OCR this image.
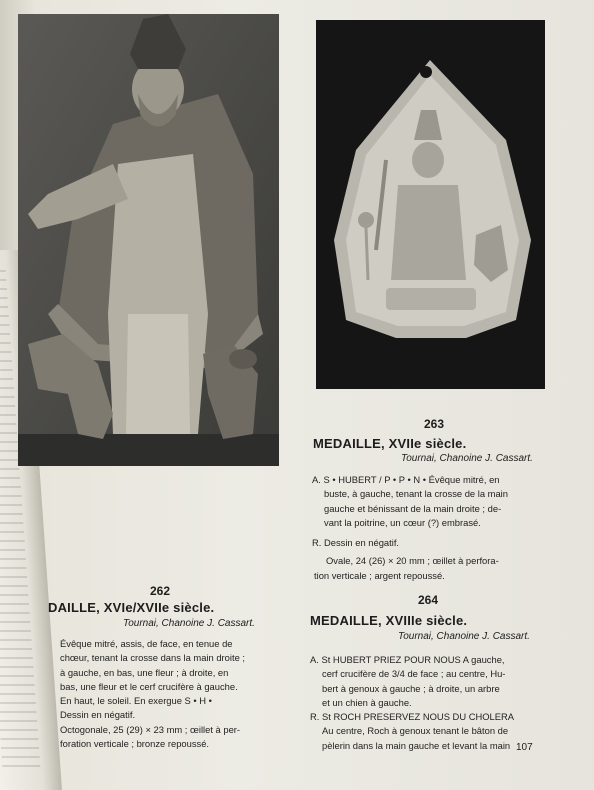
263
MEDAILLE, XVIIe siècle.
Tournai, Chanoine J. Cassart.

A. S • HUBERT / P • P • N • Évêque mitré, en

buste, à gauche, tenant la crosse de la main

gauche et bénissant de la main droite ; de-

vant la poitrine, un cœur (?) embrasé.

R. Dessin en négatif.

Ovale, 24 (26) × 20 mm ; œillet à perfora-

tion verticale ; argent repoussé.

262
DAILLE, XVIe/XVIIe siècle.
Tournai, Chanoine J. Cassart.

Évêque mitré, assis, de face, en tenue de

chœur, tenant la crosse dans la main droite ;

à gauche, en bas, une fleur ; à droite, en

bas, une fleur et le cerf crucifère à gauche.

En haut, le soleil. En exergue S • H •

Dessin en négatif.

Octogonale, 25 (29) × 23 mm ; œillet à per-

foration verticale ; bronze repoussé.

264
MEDAILLE, XVIIIe siècle.
Tournai, Chanoine J. Cassart.

A. St HUBERT PRIEZ POUR NOUS A gauche,

cerf crucifère de 3/4 de face ; au centre, Hu-

bert à genoux à gauche ; à droite, un arbre

et un chien à gauche.

R. St ROCH PRESERVEZ NOUS DU CHOLERA

Au centre, Roch à genoux tenant le bâton de

pèlerin dans la main gauche et levant la main 107
